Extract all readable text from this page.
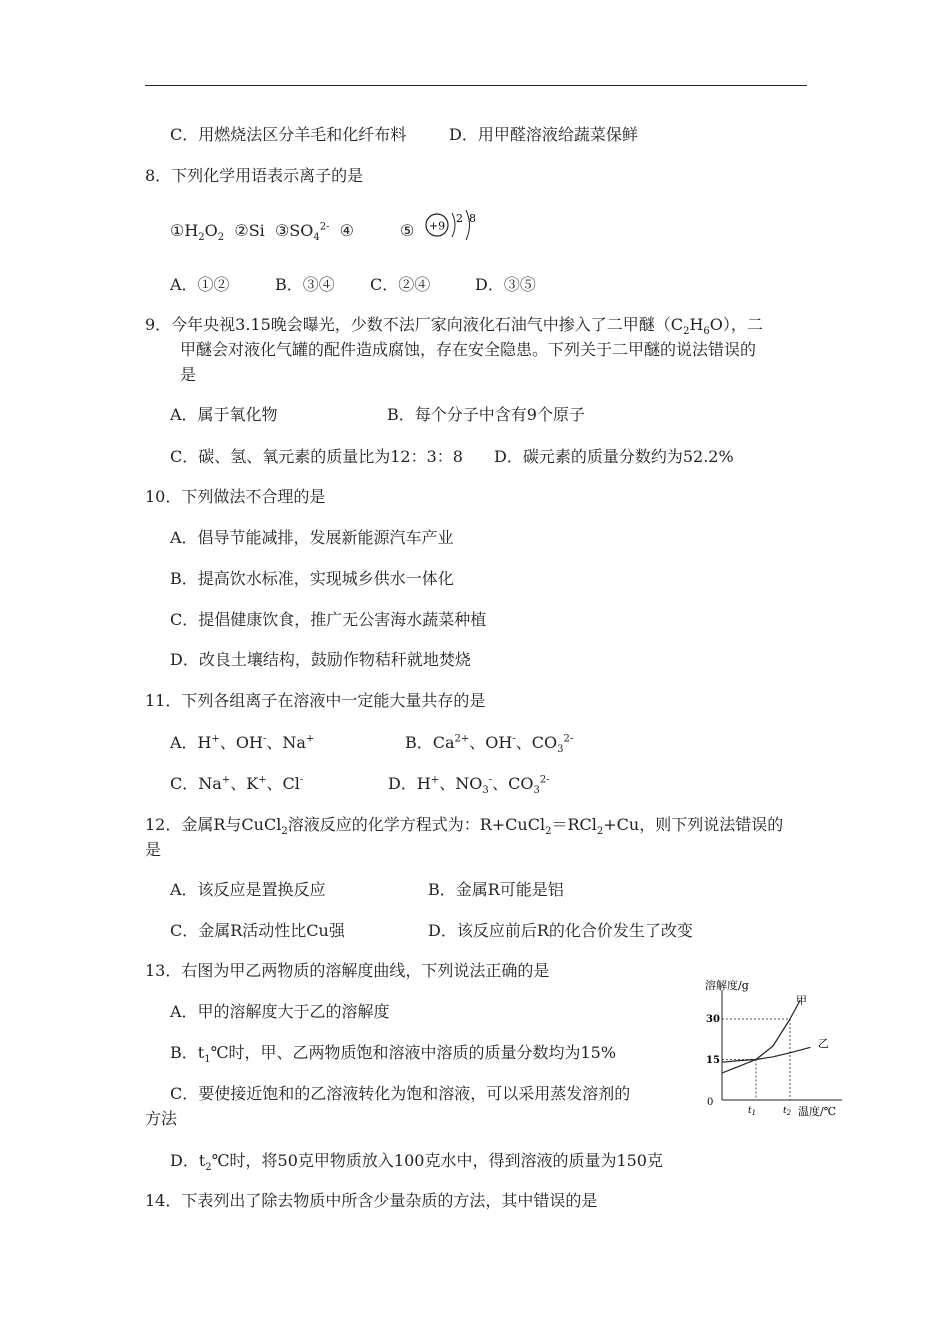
C．用燃烧法区分羊毛和化纤布料	D．用甲醛溶液给蔬菜保鲜
8．下列化学用语表示离子的是
$①H_2O_2$ ②Si $③SO_4^{2-}$ ④	⑤ +9
2 8
A．①②	B．③④ C．②④	D．③⑤
9．今年央视3.15晚会曝光，少数不法厂家向液化石油气中掺入了二甲醚$(C_2H_6O)$，二
甲醚会对液化气罐的配件造成腐蚀，存在安全隐患。下列关于二甲醚的说法错误的
是
A．属于氧化物	B．每个分子中含有9个原子
C．碳、氢、氧元素的质量比为12：3：8 D．碳元素的质量分数约为52.2%
10．下列做法不合理的是
A．倡导节能减排，发展新能源汽车产业
B．提高饮水标准，实现城乡供水一体化
C．提倡健康饮食，推广无公害海水蔬菜种植
D．改良土壤结构，鼓励作物秸秆就地焚烧
11．下列各组离子在溶液中一定能大量共存的是
A．H+、OH-、Na+	B．$Ca^{2+}$、OH-、$CO_3^{2-}$
C．Na+、K+、Cl-	D．H+、$NO_3^-$、$CO_3^{2-}$
12．金属R与CuCl$_2$溶液反应的化学方程式为：R+CuCl$_2$＝RCl$_2$+Cu，则下列说法错误的
是
A．该反应是置换反应	B．金属R可能是铝
C．金属R活动性比Cu强	D．该反应前后R的化合价发生了改变
13．右图为甲乙两物质的溶解度曲线，下列说法正确的是
A．甲的溶解度大于乙的溶解度
B．$t_1℃$时，甲、乙两物质饱和溶液中溶质的质量分数均为15%
C．要使接近饱和的乙溶液转化为饱和溶液，可以采用蒸发溶剂的
方法
D．$t_2℃$时，将50克甲物质放入100克水中，得到溶液的质量为150克
14．下表列出了除去物质中所含少量杂质的方法，其中错误的是
溶解度/g
甲
乙
30
15
0
$t_1$	$t_2$ 温度/℃
